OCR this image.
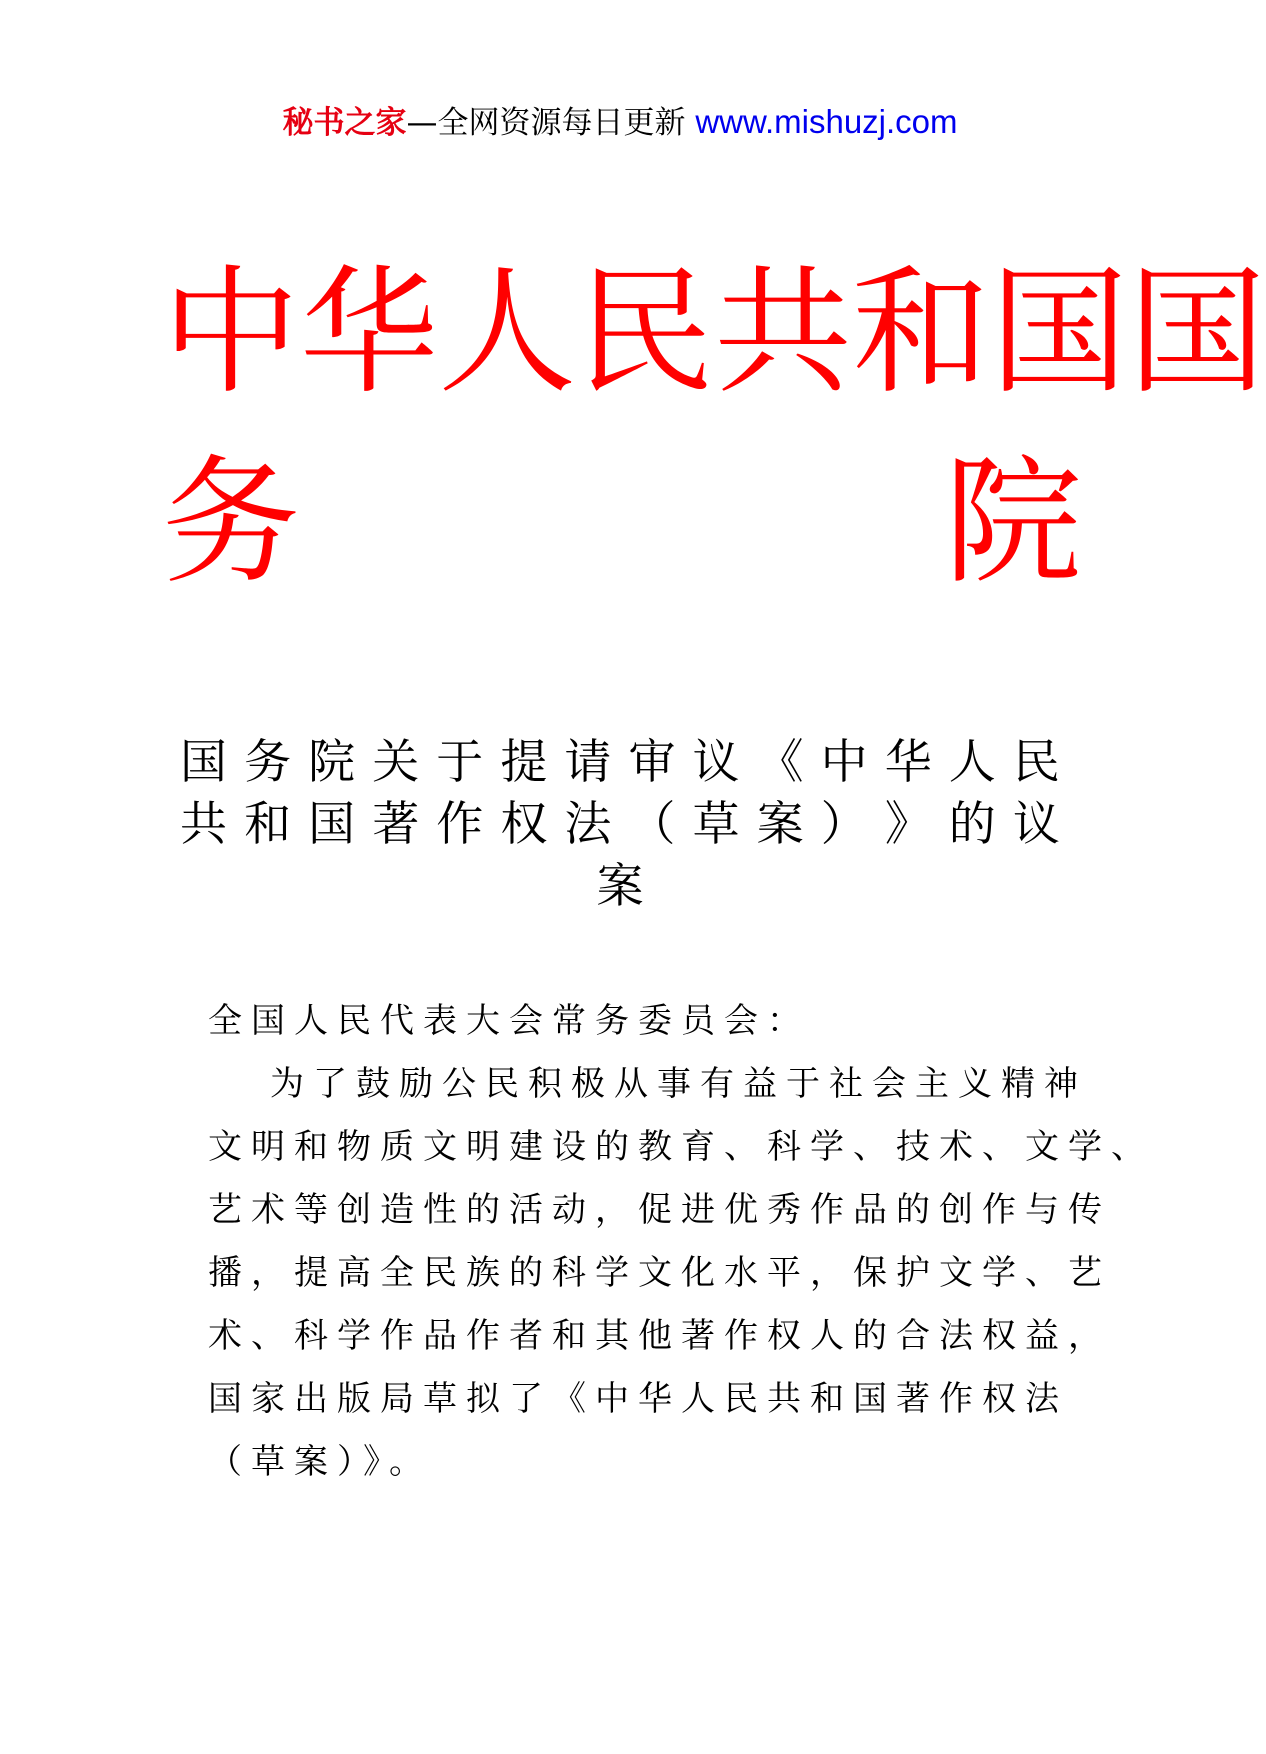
秘书之家—全网资源每日更新 www.mishuzj.com
中 华 人 民 共 和 国 国
务	院
国 务 院 关 于 提 请 审 议 《 中 华 人 民
共 和 国 著 作 权 法 （ 草 案 ） 》 的 议
案
全国人民代表大会常务委员会：
为了鼓励公民积极从事有益于社会主义精神
文明和物质文明建设的教育、科学、技术、文学、
艺术等创造性的活动，促进优秀作品的创作与传
播，提高全民族的科学文化水平，保护文学、艺
术、科学作品作者和其他著作权人的合法权益，
国家出版局草拟了《中华人民共和国著作权法
（草案）》。
